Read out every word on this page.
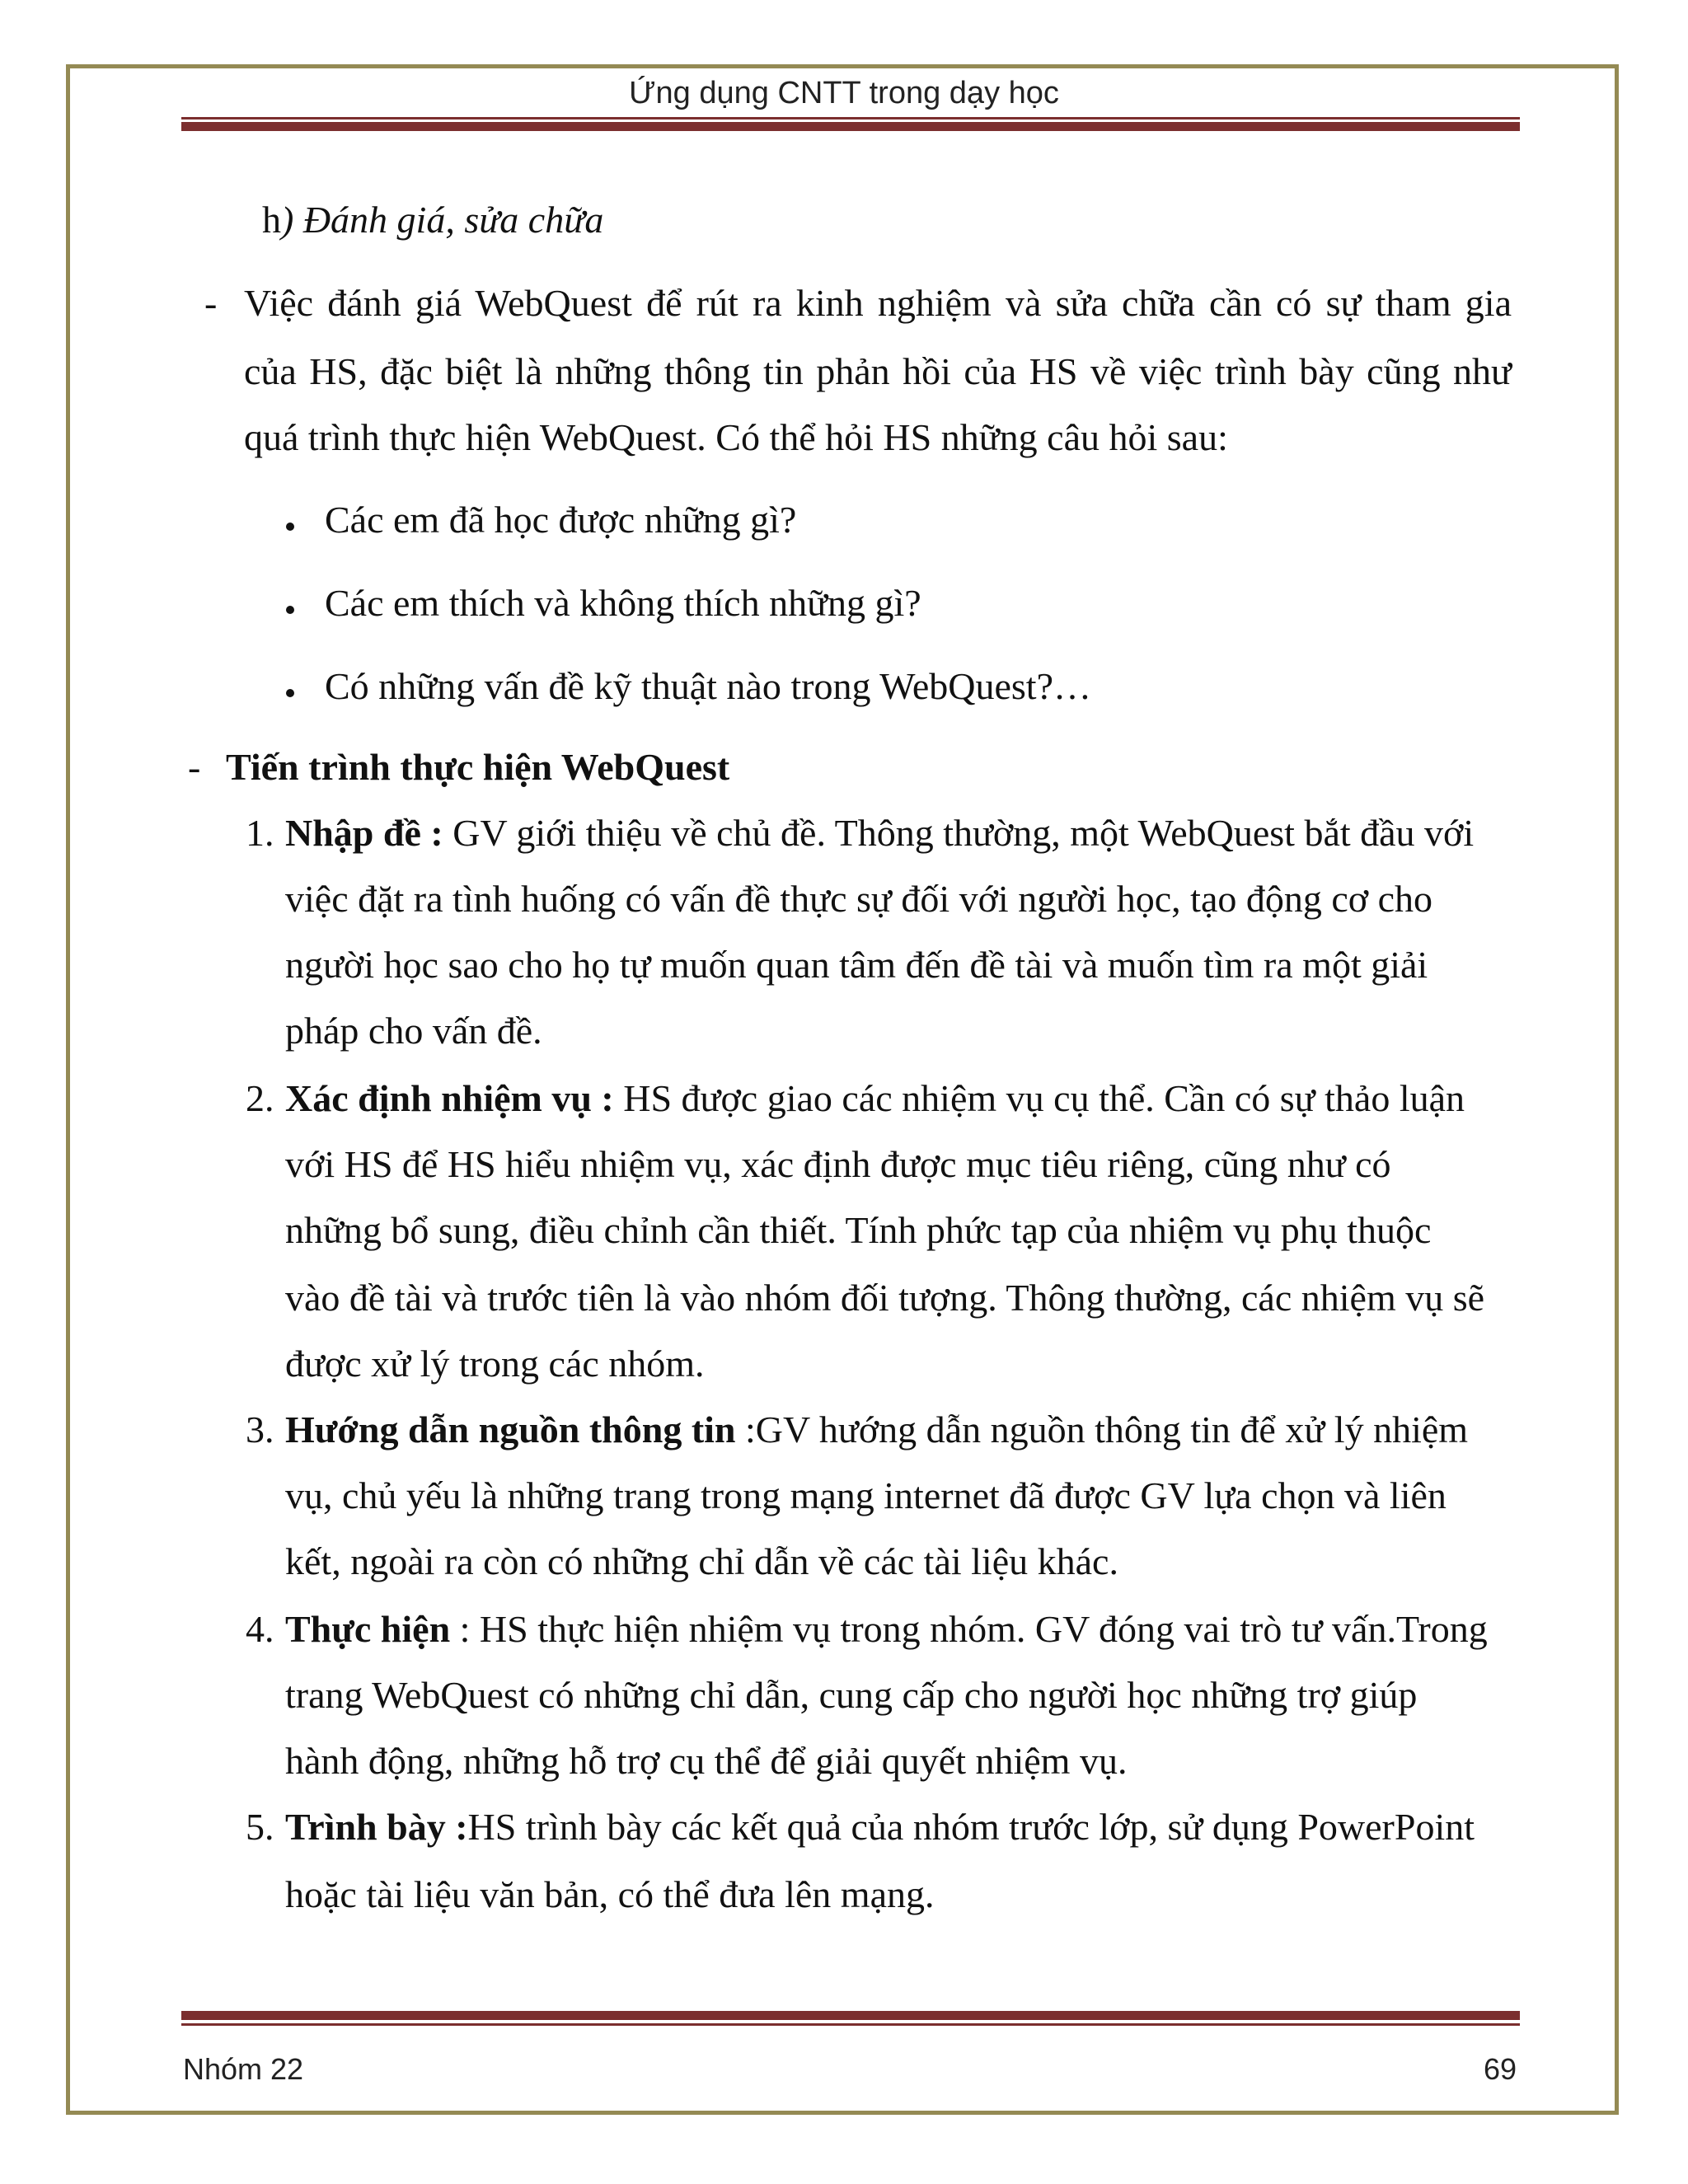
Ứng dụng CNTT trong dạy học
h) Đánh giá, sửa chữa
- Việc đánh giá WebQuest để rút ra kinh nghiệm và sửa chữa cần có sự tham gia
của HS, đặc biệt là những thông tin phản hồi của HS về việc trình bày cũng như
quá trình thực hiện WebQuest. Có thể hỏi HS những câu hỏi sau:
Các em đã học được những gì?
Các em thích và không thích những gì?
Có những vấn đề kỹ thuật nào trong WebQuest?…
- Tiến trình thực hiện WebQuest
1. Nhập đề : GV giới thiệu về chủ đề. Thông thường, một WebQuest bắt đầu với
việc đặt ra tình huống có vấn đề thực sự đối với người học, tạo động cơ cho
người học sao cho họ tự muốn quan tâm đến đề tài và muốn tìm ra một giải
pháp cho vấn đề.
2. Xác định nhiệm vụ : HS được giao các nhiệm vụ cụ thể. Cần có sự thảo luận
với HS để HS hiểu nhiệm vụ, xác định được mục tiêu riêng, cũng như có
những bổ sung, điều chỉnh cần thiết. Tính phức tạp của nhiệm vụ phụ thuộc
vào đề tài và trước tiên là vào nhóm đối tượng. Thông thường, các nhiệm vụ sẽ
được xử lý trong các nhóm.
3. Hướng dẫn nguồn thông tin :GV hướng dẫn nguồn thông tin để xử lý nhiệm
vụ, chủ yếu là những trang trong mạng internet đã được GV lựa chọn và liên
kết, ngoài ra còn có những chỉ dẫn về các tài liệu khác.
4. Thực hiện : HS thực hiện nhiệm vụ trong nhóm. GV đóng vai trò tư vấn.Trong
trang WebQuest có những chỉ dẫn, cung cấp cho người học những trợ giúp
hành động, những hỗ trợ cụ thể để giải quyết nhiệm vụ.
5. Trình bày :HS trình bày các kết quả của nhóm trước lớp, sử dụng PowerPoint
hoặc tài liệu văn bản, có thể đưa lên mạng.
Nhóm 22	69
